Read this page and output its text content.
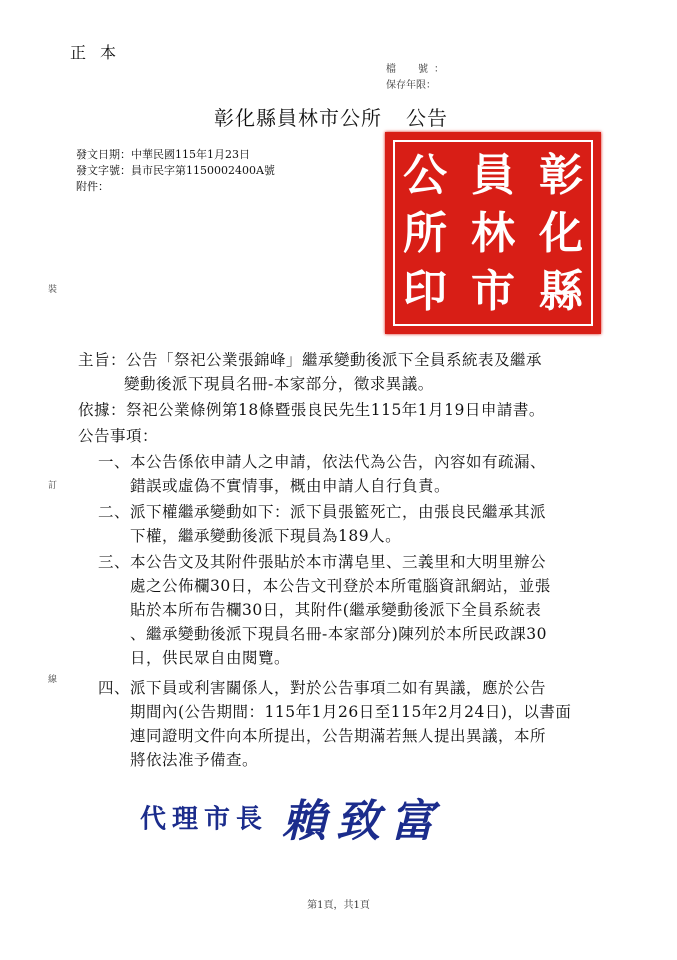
正本
檔　號：
保存年限：
彰化縣員林市公所 公告
發文日期：中華民國115年1月23日
發文字號：員市民字第1150002400A號
附件：	彰
員
公
化
林
所
縣
市
印
主旨：公告「祭祀公業張錦峰」繼承變動後派下全員系統表及繼承
變動後派下現員名冊-本家部分，徵求異議。
依據：祭祀公業條例第18條暨張良民先生115年1月19日申請書。
公告事項：
一、本公告係依申請人之申請，依法代為公告，內容如有疏漏、
錯誤或虛偽不實情事，概由申請人自行負責。
二、派下權繼承變動如下：派下員張籃死亡，由張良民繼承其派
下權，繼承變動後派下現員為189人。
三、本公告文及其附件張貼於本市溝皂里、三義里和大明里辦公
處之公佈欄30日，本公告文刊登於本所電腦資訊網站，並張
貼於本所布告欄30日，其附件(繼承變動後派下全員系統表
、繼承變動後派下現員名冊-本家部分)陳列於本所民政課30
日，供民眾自由閱覽。
四、派下員或利害關係人，對於公告事項二如有異議，應於公告
期間內(公告期間：115年1月26日至115年2月24日)，以書面
連同證明文件向本所提出，公告期滿若無人提出異議，本所
將依法准予備查。
裝
訂
線
代理市長 賴致富
第1頁，共1頁
